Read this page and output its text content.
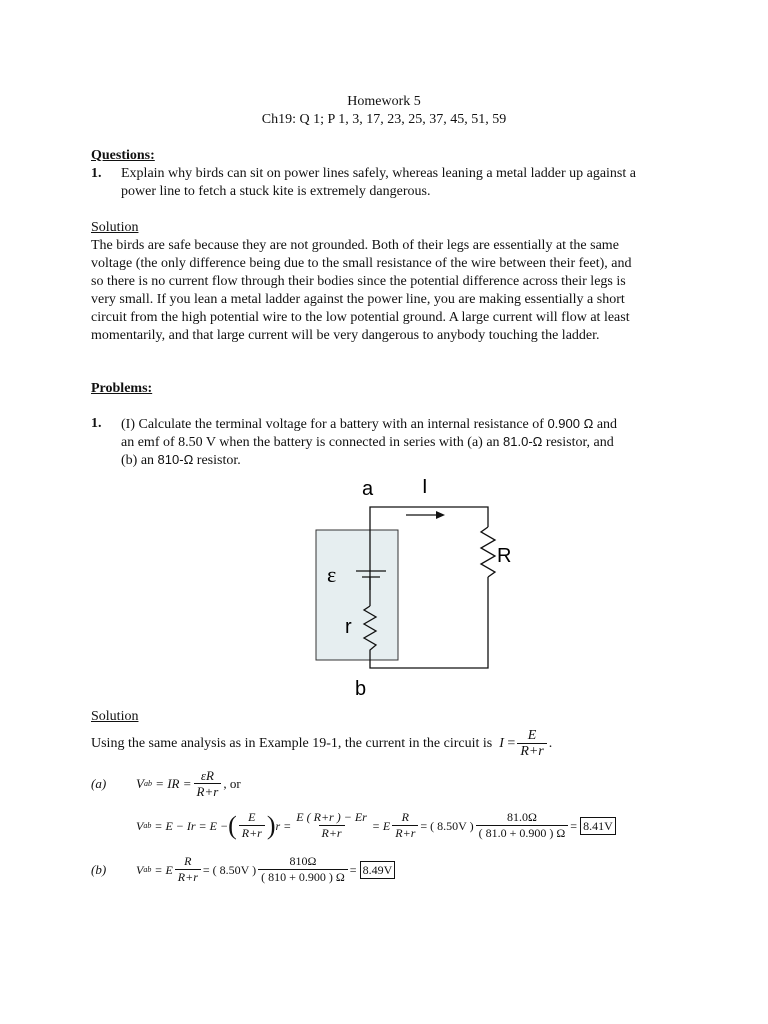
Homework 5
Ch19: Q 1; P 1, 3, 17, 23, 25, 37, 45, 51, 59
Questions:
1. Explain why birds can sit on power lines safely, whereas leaning a metal ladder up against a
power line to fetch a stuck kite is extremely dangerous.
Solution
The birds are safe because they are not grounded. Both of their legs are essentially at the same
voltage (the only difference being due to the small resistance of the wire between their feet), and
so there is no current flow through their bodies since the potential difference across their legs is
very small. If you lean a metal ladder against the power line, you are making essentially a short
circuit from the high potential wire to the low potential ground. A large current will flow at least
momentarily, and that large current will be very dangerous to anybody touching the ladder.
Problems:
1. (I) Calculate the terminal voltage for a battery with an internal resistance of 0.900 Ω and
an emf of 8.50 V when the battery is connected in series with (a) an 81.0-Ω resistor, and
(b) an 810-Ω resistor.
a I
R
ε
r
b
Solution
Using the same analysis as in Example 19-1, the current in the circuit is
I
= $\frac{E}{R+r}$ .
(a)	V ab
= IR = $\frac{\varepsilon R}{R+r}$ , or
V ab
= E − Ir = E − ( $\frac{E}{R+r}$ ) $r = \frac{E ( R+r ) - Er}{R+r} = E \frac{R}{R+r}$ = ( 8.50V ) $\frac{81.0\Omega}{( 81.0 + 0.900 ) \Omega}$ =
8.41V
(b)	V ab
= E $\frac{R}{R+r}$ = ( 8.50V ) $\frac{810\Omega}{( 810 + 0.900 ) \Omega}$ =
8.49V
